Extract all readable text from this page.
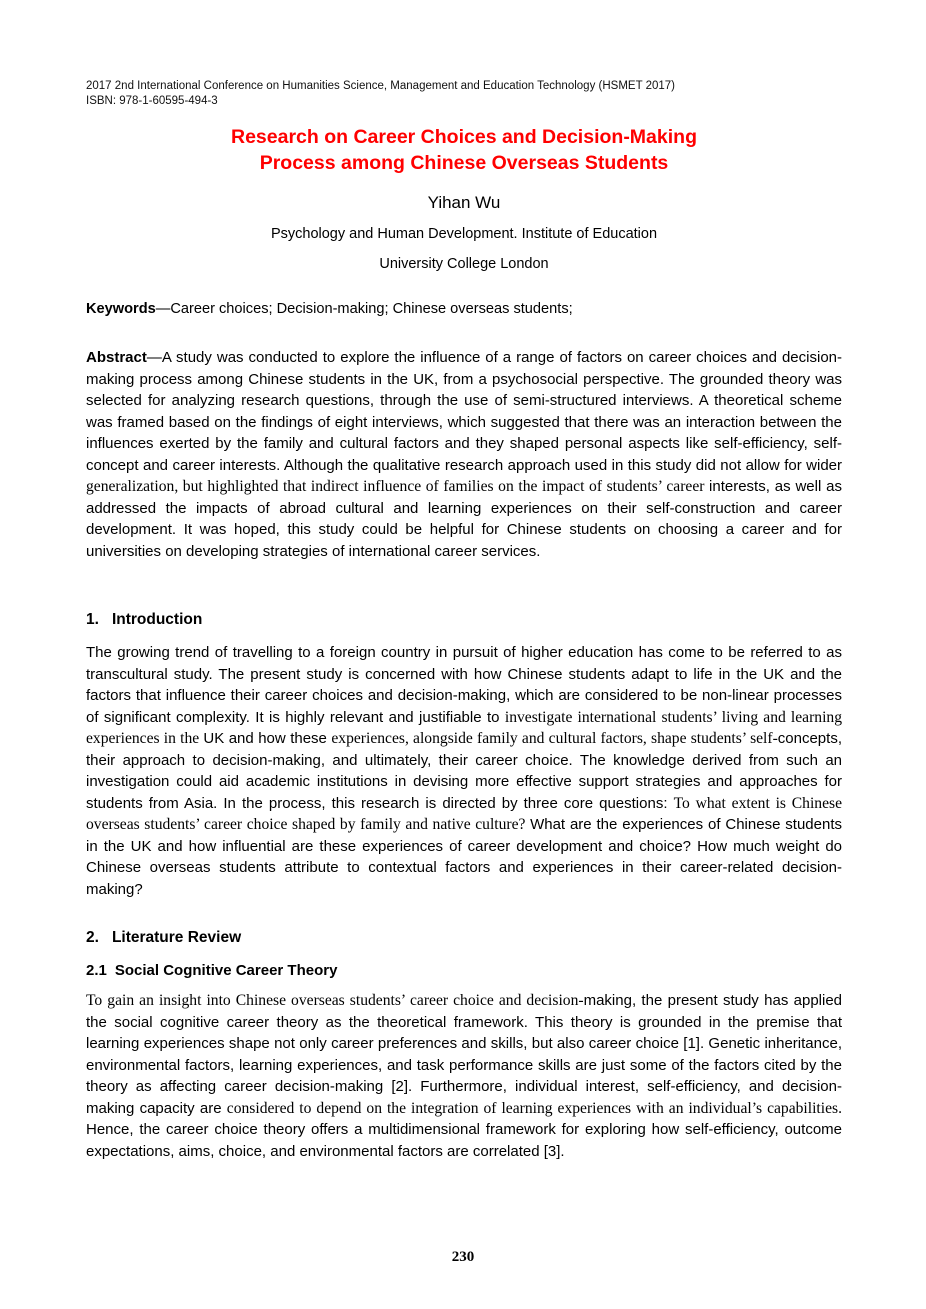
2017 2nd International Conference on Humanities Science, Management and Education Technology (HSMET 2017)
ISBN: 978-1-60595-494-3
Research on Career Choices and Decision-Making
Process among Chinese Overseas Students
Yihan Wu
Psychology and Human Development. Institute of Education
University College London
Keywords—Career choices; Decision-making; Chinese overseas students;
Abstract—A study was conducted to explore the influence of a range of factors on career choices and decision-making process among Chinese students in the UK, from a psychosocial perspective. The grounded theory was selected for analyzing research questions, through the use of semi-structured interviews. A theoretical scheme was framed based on the findings of eight interviews, which suggested that there was an interaction between the influences exerted by the family and cultural factors and they shaped personal aspects like self-efficiency, self-concept and career interests. Although the qualitative research approach used in this study did not allow for wider generalization, but highlighted that indirect influence of families on the impact of students’ career interests, as well as addressed the impacts of abroad cultural and learning experiences on their self-construction and career development. It was hoped, this study could be helpful for Chinese students on choosing a career and for universities on developing strategies of international career services.
1. Introduction
The growing trend of travelling to a foreign country in pursuit of higher education has come to be referred to as transcultural study. The present study is concerned with how Chinese students adapt to life in the UK and the factors that influence their career choices and decision-making, which are considered to be non-linear processes of significant complexity. It is highly relevant and justifiable to investigate international students’ living and learning experiences in the UK and how these experiences, alongside family and cultural factors, shape students’ self-concepts, their approach to decision-making, and ultimately, their career choice. The knowledge derived from such an investigation could aid academic institutions in devising more effective support strategies and approaches for students from Asia. In the process, this research is directed by three core questions: To what extent is Chinese overseas students’ career choice shaped by family and native culture? What are the experiences of Chinese students in the UK and how influential are these experiences of career development and choice? How much weight do Chinese overseas students attribute to contextual factors and experiences in their career-related decision-making?
2. Literature Review
2.1 Social Cognitive Career Theory
To gain an insight into Chinese overseas students’ career choice and decision-making, the present study has applied the social cognitive career theory as the theoretical framework. This theory is grounded in the premise that learning experiences shape not only career preferences and skills, but also career choice [1]. Genetic inheritance, environmental factors, learning experiences, and task performance skills are just some of the factors cited by the theory as affecting career decision-making [2]. Furthermore, individual interest, self-efficiency, and decision-making capacity are considered to depend on the integration of learning experiences with an individual’s capabilities. Hence, the career choice theory offers a multidimensional framework for exploring how self-efficiency, outcome expectations, aims, choice, and environmental factors are correlated [3].
230
